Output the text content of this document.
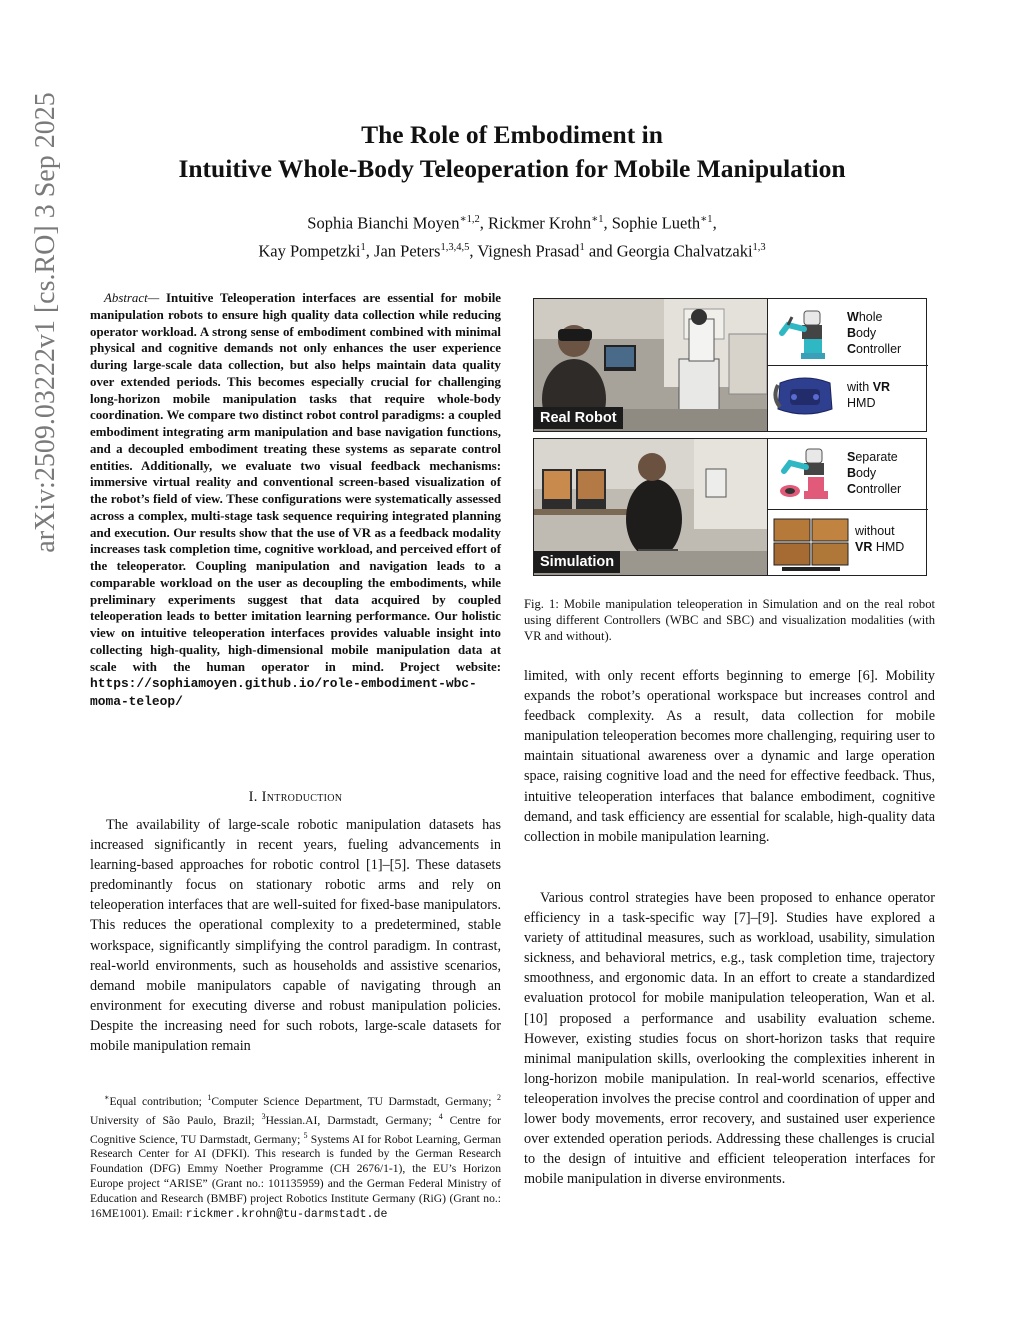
arXiv:2509.03222v1 [cs.RO] 3 Sep 2025	The Role of Embodiment in
Intuitive Whole-Body Teleoperation for Mobile Manipulation
Sophia Bianchi Moyen$^{∗1,2}$, Rickmer Krohn$^{∗1}$, Sophie Lueth$^{∗1}$,
Kay Pompetzki$^1$, Jan Peters$^{1,3,4,5}$, Vignesh Prasad$^1$ and Georgia Chalvatzaki$^{1,3}$

Abstract— Intuitive Teleoperation interfaces are essential for mobile manipulation robots to ensure high quality data collection while reducing operator workload. A strong sense of embodiment combined with minimal physical and cognitive demands not only enhances the user experience during large-scale data collection, but also helps maintain data quality over extended periods. This becomes especially crucial for challenging long-horizon mobile manipulation tasks that require whole-body coordination. We compare two distinct robot control paradigms: a coupled embodiment integrating arm manipulation and base navigation functions, and a decoupled embodiment treating these systems as separate control entities. Additionally, we evaluate two visual feedback mechanisms: immersive virtual reality and conventional screen-based visualization of the robot’s field of view. These configurations were systematically assessed across a complex, multi-stage task sequence requiring integrated planning and execution. Our results show that the use of VR as a feedback modality increases task completion time, cognitive workload, and perceived effort of the teleoperator. Coupling manipulation and navigation leads to a comparable workload on the user as decoupling the embodiments, while preliminary experiments suggest that data acquired by coupled teleoperation leads to better imitation learning performance. Our holistic view on intuitive teleoperation interfaces provides valuable insight into collecting high-quality, high-dimensional mobile manipulation data at scale with the human operator in mind. Project website: https://sophiamoyen.github.io/role-embodiment-wbc-moma-teleop/

I. Introduction

The availability of large-scale robotic manipulation datasets has increased significantly in recent years, fueling advancements in learning-based approaches for robotic control [1]–[5]. These datasets predominantly focus on stationary robotic arms and rely on teleoperation interfaces that are well-suited for fixed-base manipulators. This reduces the operational complexity to a predetermined, stable workspace, significantly simplifying the control paradigm. In contrast, real-world environments, such as households and assistive scenarios, demand mobile manipulators capable of navigating through an environment for executing diverse and robust manipulation policies. Despite the increasing need for such robots, large-scale datasets for mobile manipulation remain

∗Equal contribution; $^1$Computer Science Department, TU Darmstadt, Germany; $^2$ University of São Paulo, Brazil; $^3$Hessian.AI, Darmstadt, Germany; $^4$ Centre for Cognitive Science, TU Darmstadt, Germany; $^5$ Systems AI for Robot Learning, German Research Center for AI (DFKI). This research is funded by the German Research Foundation (DFG) Emmy Noether Programme (CH 2676/1-1), the EU’s Horizon Europe project “ARISE” (Grant no.: 101135959) and the German Federal Ministry of Education and Research (BMBF) project Robotics Institute Germany (RiG) (Grant no.: 16ME1001). Email: rickmer.krohn@tu-darmstadt.de

Real Robot
Whole
Body
Controller
with VR
HMD
Simulation
Separate
Body
Controller
without
VR HMD
Fig. 1: Mobile manipulation teleoperation in Simulation and on the real robot using different Controllers (WBC and SBC) and visualization modalities (with VR and without).

limited, with only recent efforts beginning to emerge [6]. Mobility expands the robot’s operational workspace but increases control and feedback complexity. As a result, data collection for mobile manipulation teleoperation becomes more challenging, requiring user to maintain situational awareness over a dynamic and large operation space, raising cognitive load and the need for effective feedback. Thus, intuitive teleoperation interfaces that balance embodiment, cognitive demand, and task efficiency are essential for scalable, high-quality data collection in mobile manipulation learning.

Various control strategies have been proposed to enhance operator efficiency in a task-specific way [7]–[9]. Studies have explored a variety of attitudinal measures, such as workload, usability, simulation sickness, and behavioral metrics, e.g., task completion time, trajectory smoothness, and ergonomic data. In an effort to create a standardized evaluation protocol for mobile manipulation teleoperation, Wan et al. [10] proposed a performance and usability evaluation scheme. However, existing studies focus on short-horizon tasks that require minimal manipulation skills, overlooking the complexities inherent in long-horizon mobile manipulation. In real-world scenarios, effective teleoperation involves the precise control and coordination of upper and lower body movements, error recovery, and sustained user experience over extended operation periods. Addressing these challenges is crucial to the design of intuitive and efficient teleoperation interfaces for mobile manipulation in diverse environments.
